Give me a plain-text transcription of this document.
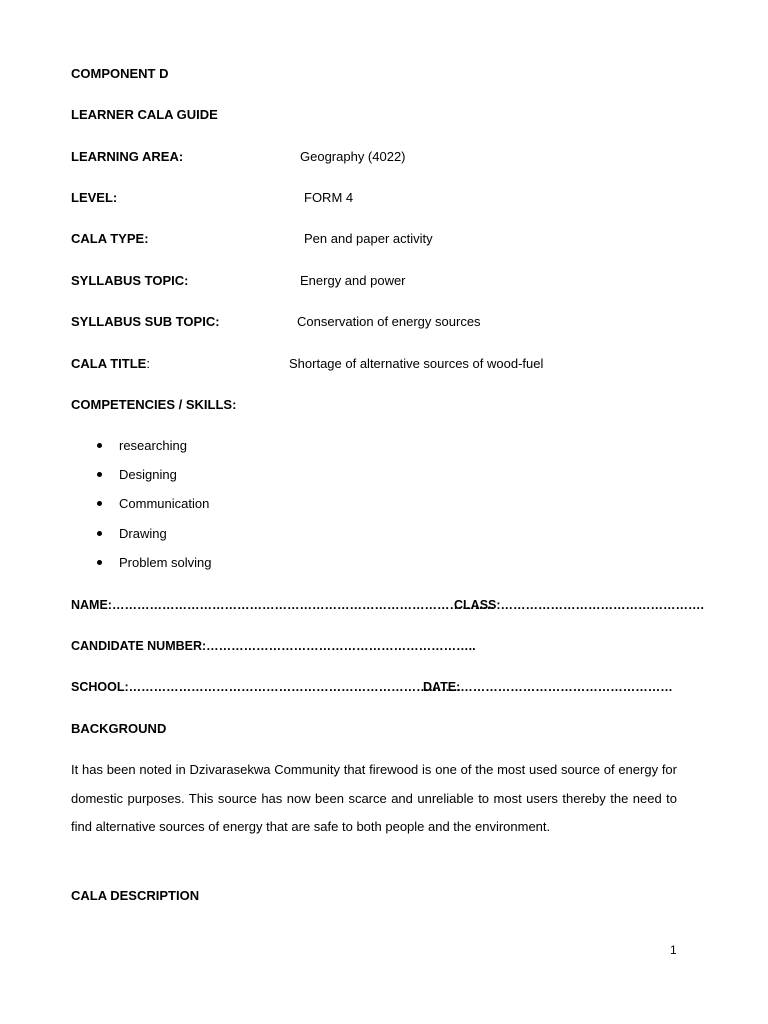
COMPONENT D
LEARNER CALA GUIDE
LEARNING AREA:	Geography (4022)
LEVEL:	FORM 4
CALA TYPE:	Pen and paper activity
SYLLABUS TOPIC:	Energy and power
SYLLABUS SUB TOPIC:	Conservation of energy sources
CALA TITLE:	Shortage of alternative sources of wood-fuel
COMPETENCIES / SKILLS:
researching
Designing
Communication
Drawing
Problem solving
NAME:………………………………………………………………………………..
CLASS:………………………………………….
CANDIDATE NUMBER:………………………………………………………..
SCHOOL:……………………………………………………………………..
DATE:……………………………………………
BACKGROUND
It has been noted in Dzivarasekwa Community that firewood is one of the most used source of energy for domestic purposes. This source has now been scarce and unreliable to most users thereby the need to find alternative sources of energy that are safe to both people and the environment.
CALA DESCRIPTION
1
